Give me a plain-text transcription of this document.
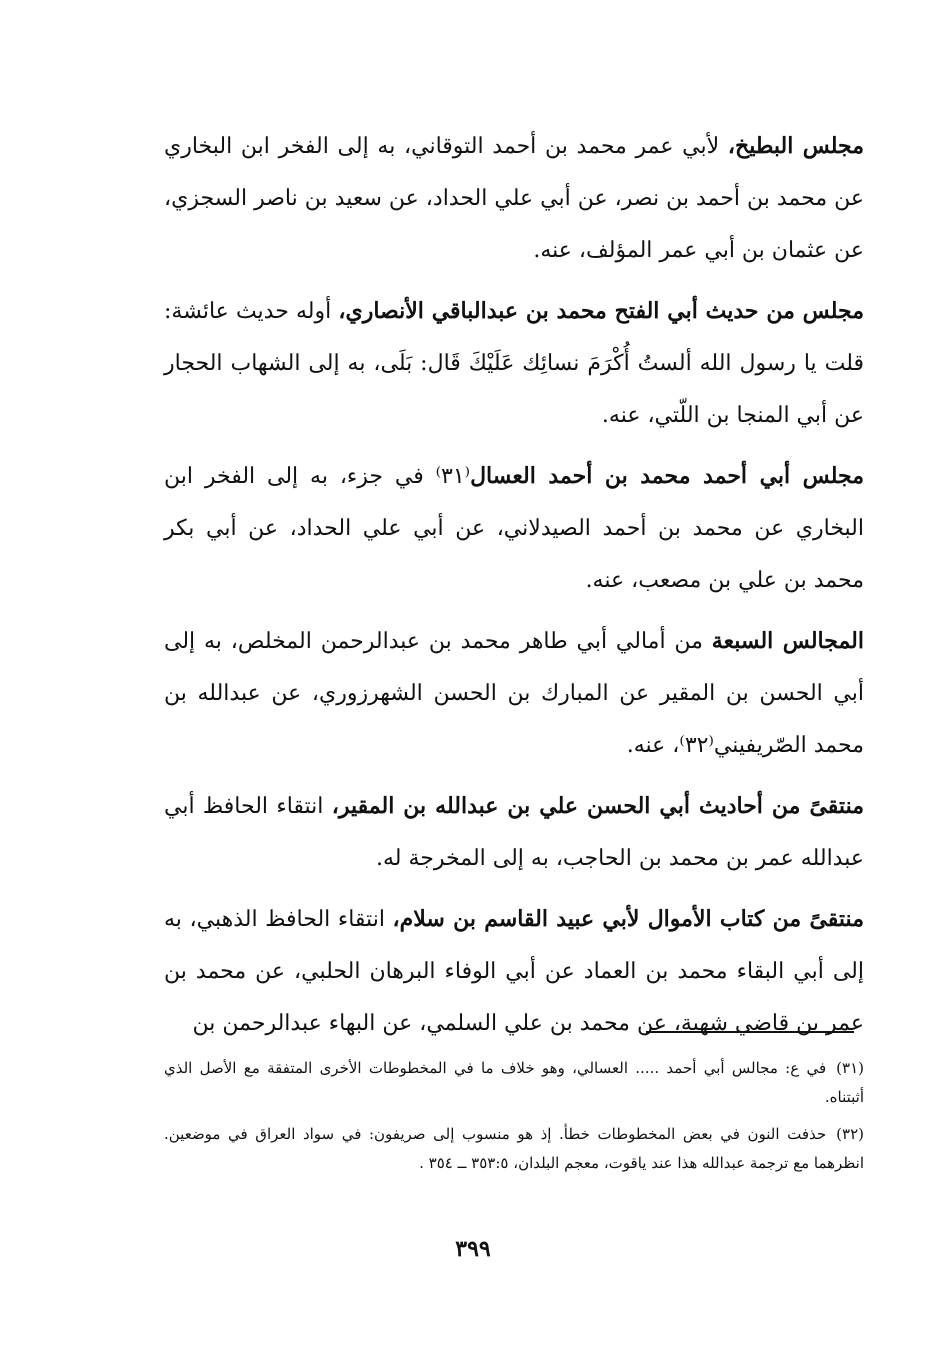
مجلس البطيخ، لأبي عمر محمد بن أحمد التوقاني، به إلى الفخر ابن البخاري عن محمد بن أحمد بن نصر، عن أبي علي الحداد، عن سعيد بن ناصر السجزي، عن عثمان بن أبي عمر المؤلف، عنه.

مجلس من حديث أبي الفتح محمد بن عبدالباقي الأنصاري، أوله حديث عائشة: قلت يا رسول الله ألستُ أُكْرَمَ نسائِك عَلَيْكَ قَال: بَلَى، به إلى الشهاب الحجار عن أبي المنجا بن اللّتي، عنه.

مجلس أبي أحمد محمد بن أحمد العسال⁽٣١⁾ في جزء، به إلى الفخر ابن البخاري عن محمد بن أحمد الصيدلاني، عن أبي علي الحداد، عن أبي بكر محمد بن علي بن مصعب، عنه.

المجالس السبعة من أمالي أبي طاهر محمد بن عبدالرحمن المخلص، به إلى أبي الحسن بن المقير عن المبارك بن الحسن الشهرزوري، عن عبدالله بن محمد الصّريفيني⁽٣٢⁾، عنه.

منتقىً من أحاديث أبي الحسن علي بن عبدالله بن المقير، انتقاء الحافظ أبي عبدالله عمر بن محمد بن الحاجب، به إلى المخرجة له.

منتقىً من كتاب الأموال لأبي عبيد القاسم بن سلام، انتقاء الحافظ الذهبي، به إلى أبي البقاء محمد بن العماد عن أبي الوفاء البرهان الحلبي، عن محمد بن عمر بن قاضي شهبة، عن محمد بن علي السلمي، عن البهاء عبدالرحمن بن

(٣١)في ع: مجالس أبي أحمد ..... العسالي، وهو خلاف ما في المخطوطات الأخرى المتفقة مع الأصل الذي أثبتناه.

(٣٢)حذفت النون في بعض المخطوطات خطأ. إذ هو منسوب إلى صريفون: في سواد العراق في موضعين. انظرهما مع ترجمة عبدالله هذا عند ياقوت، معجم البلدان، ٣٥٣:٥ ــ ٣٥٤ .

٣٩٩
